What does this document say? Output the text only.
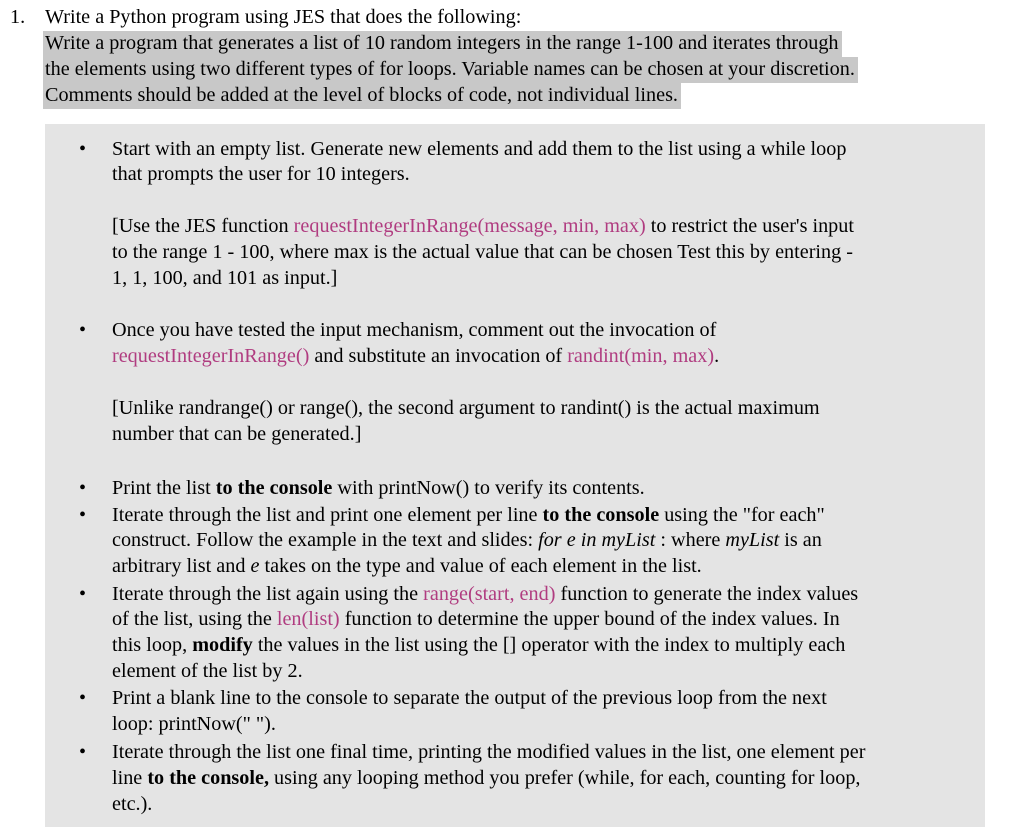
1. Write a Python program using JES that does the following:
Write a program that generates a list of 10 random integers in the range 1-100 and iterates through
the elements using two different types of for loops. Variable names can be chosen at your discretion.
Comments should be added at the level of blocks of code, not individual lines.
• Start with an empty list. Generate new elements and add them to the list using a while loop
that prompts the user for 10 integers.
[Use the JES function requestIntegerInRange(message, min, max) to restrict the user's input
to the range 1 - 100, where max is the actual value that can be chosen Test this by entering -
1, 1, 100, and 101 as input.]
• Once you have tested the input mechanism, comment out the invocation of
requestIntegerInRange() and substitute an invocation of randint(min, max).
[Unlike randrange() or range(), the second argument to randint() is the actual maximum
number that can be generated.]
• Print the list to the console with printNow() to verify its contents.
• Iterate through the list and print one element per line to the console using the "for each"
construct. Follow the example in the text and slides: for e in myList : where myList is an
arbitrary list and e takes on the type and value of each element in the list.
• Iterate through the list again using the range(start, end) function to generate the index values
of the list, using the len(list) function to determine the upper bound of the index values. In
this loop, modify the values in the list using the [] operator with the index to multiply each
element of the list by 2.
• Print a blank line to the console to separate the output of the previous loop from the next
loop: printNow(" ").
• Iterate through the list one final time, printing the modified values in the list, one element per
line to the console, using any looping method you prefer (while, for each, counting for loop,
etc.).
